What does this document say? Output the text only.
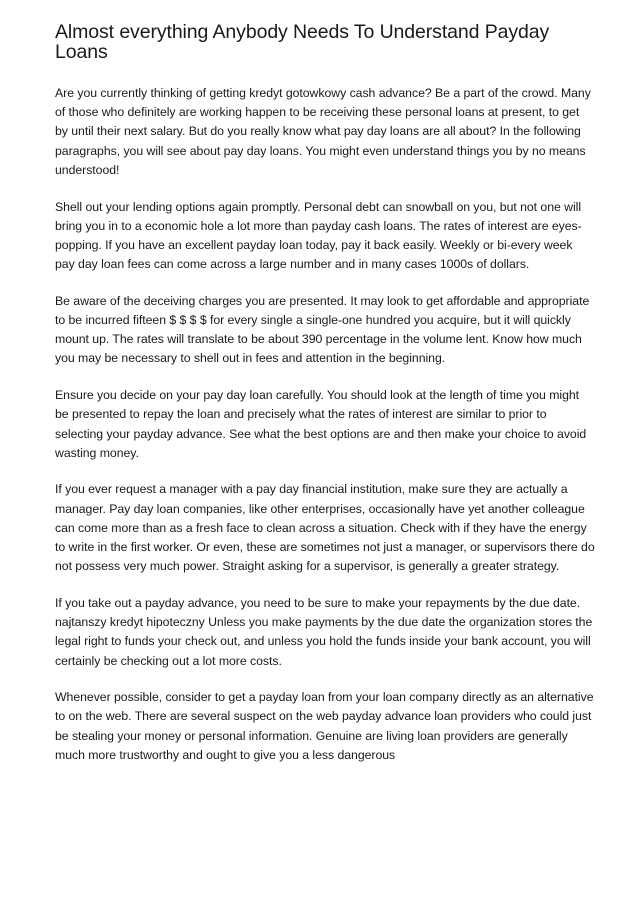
Almost everything Anybody Needs To Understand Payday Loans

Are you currently thinking of getting kredyt gotowkowy cash advance? Be a part of the crowd. Many of those who definitely are working happen to be receiving these personal loans at present, to get by until their next salary. But do you really know what pay day loans are all about? In the following paragraphs, you will see about pay day loans. You might even understand things you by no means understood!

Shell out your lending options again promptly. Personal debt can snowball on you, but not one will bring you in to a economic hole a lot more than payday cash loans. The rates of interest are eyes-popping. If you have an excellent payday loan today, pay it back easily. Weekly or bi-every week pay day loan fees can come across a large number and in many cases 1000s of dollars.

Be aware of the deceiving charges you are presented. It may look to get affordable and appropriate to be incurred fifteen $ $ $ $ for every single a single-one hundred you acquire, but it will quickly mount up. The rates will translate to be about 390 percentage in the volume lent. Know how much you may be necessary to shell out in fees and attention in the beginning.

Ensure you decide on your pay day loan carefully. You should look at the length of time you might be presented to repay the loan and precisely what the rates of interest are similar to prior to selecting your payday advance. See what the best options are and then make your choice to avoid wasting money.

If you ever request a manager with a pay day financial institution, make sure they are actually a manager. Pay day loan companies, like other enterprises, occasionally have yet another colleague can come more than as a fresh face to clean across a situation. Check with if they have the energy to write in the first worker. Or even, these are sometimes not just a manager, or supervisors there do not possess very much power. Straight asking for a supervisor, is generally a greater strategy.

If you take out a payday advance, you need to be sure to make your repayments by the due date.

najtanszy kredyt hipoteczny Unless you make payments by the due date the organization stores the legal right to funds your check out, and unless you hold the funds inside your bank account, you will certainly be checking out a lot more costs.

Whenever possible, consider to get a payday loan from your loan company directly as an alternative to on the web. There are several suspect on the web payday advance loan providers who could just be stealing your money or personal information. Genuine are living loan providers are generally much more trustworthy and ought to give you a less dangerous
